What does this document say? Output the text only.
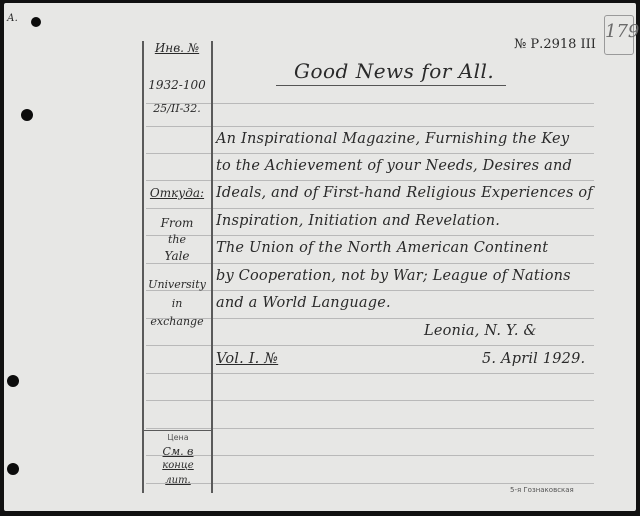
А.
Инв. №
1932-100
25/II-32.
Откуда:
From
the
Yale
University
in
exchange
Цена
См. в
конце
лит.
№ Р.2918 III
179
Good News for All.
An Inspirational Magazine, Furnishing the Key
to the Achievement of your Needs, Desires and
Ideals, and of First-hand Religious Experiences of
Inspiration, Initiation and Revelation.
The Union of the North American Continent
by Cooperation, not by War; League of Nations
and a World Language.
Leonia, N. Y. &
Vol. I. №	5. April 1929.
5-я Гознаковская
